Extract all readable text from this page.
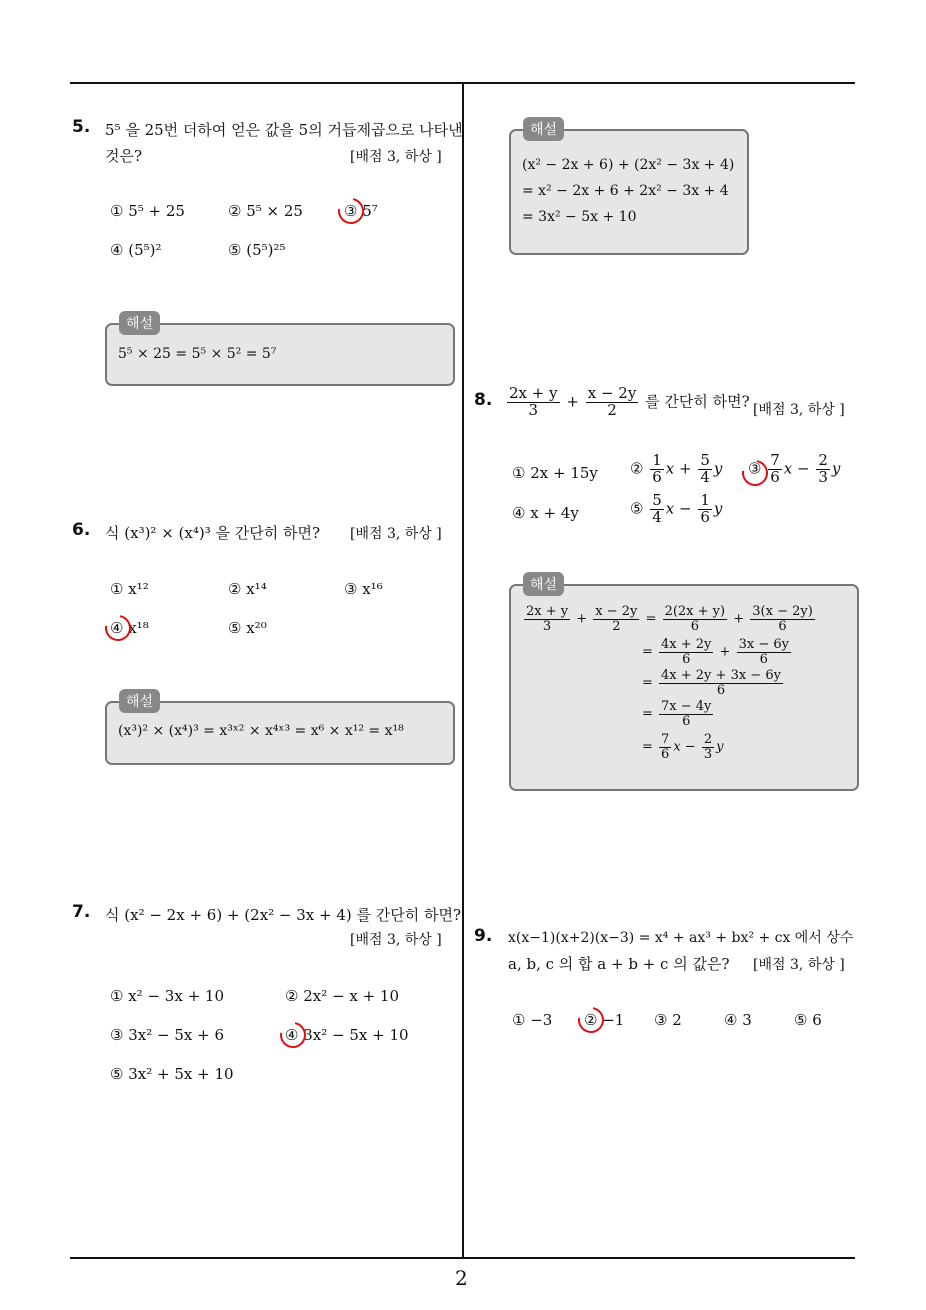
2
5. 5⁵ 을 25번 더하여 얻은 값을 5의 거듭제곱으로 나타낸
것은?	[배점 3, 하상 ]
① 5⁵ + 25	② 5⁵ × 25	③ 5⁷
④ (5⁵)²	⑤ (5⁵)²⁵
해설
5⁵ × 25 = 5⁵ × 5² = 5⁷
6. 식 (x³)² × (x⁴)³ 을 간단히 하면? [배점 3, 하상 ]
① x¹²	② x¹⁴	③ x¹⁶
④ x¹⁸	⑤ x²⁰
해설
(x³)² × (x⁴)³ = x³ˣ² × x⁴ˣ³ = x⁶ × x¹² = x¹⁸
7. 식 (x² − 2x + 6) + (2x² − 3x + 4) 를 간단히 하면?
[배점 3, 하상 ]
① x² − 3x + 10	② 2x² − x + 10
③ 3x² − 5x + 6	④ 3x² − 5x + 10
⑤ 3x² + 5x + 10
해설
(x² − 2x + 6) + (2x² − 3x + 4)
= x² − 2x + 6 + 2x² − 3x + 4
= 3x² − 5x + 10
8. $\frac{2x + y}{3} + \frac{x - 2y}{2}$ 를 간단히 하면? [배점 3, 하상 ]
① 2x + 15y ② $\frac{1}{6}$ $x + \frac{5}{4}$ y ③ $\frac{7}{6}$ $x - \frac{2}{3}$ y
④ x + 4y	⑤ $\frac{5}{4}$ $x - \frac{1}{6}$ y
해설
$\frac{2x + y}{3} + \frac{x - 2y}{2} = \frac{2(2x + y)}{6} + \frac{3(x - 2y)}{6}$
= $\frac{4x + 2y}{6} + \frac{3x - 6y}{6}$
= $\frac{4x + 2y + 3x - 6y}{6}$
= $\frac{7x - 4y}{6}$
= $\frac{7}{6}$ $x - \frac{2}{3}$ y
9. x(x−1)(x+2)(x−3) = x⁴ + ax³ + bx² + cx 에서 상수
a, b, c 의 합 a + b + c 의 값은? [배점 3, 하상 ]
① −3 ② −1 ③ 2	④ 3	⑤ 6
